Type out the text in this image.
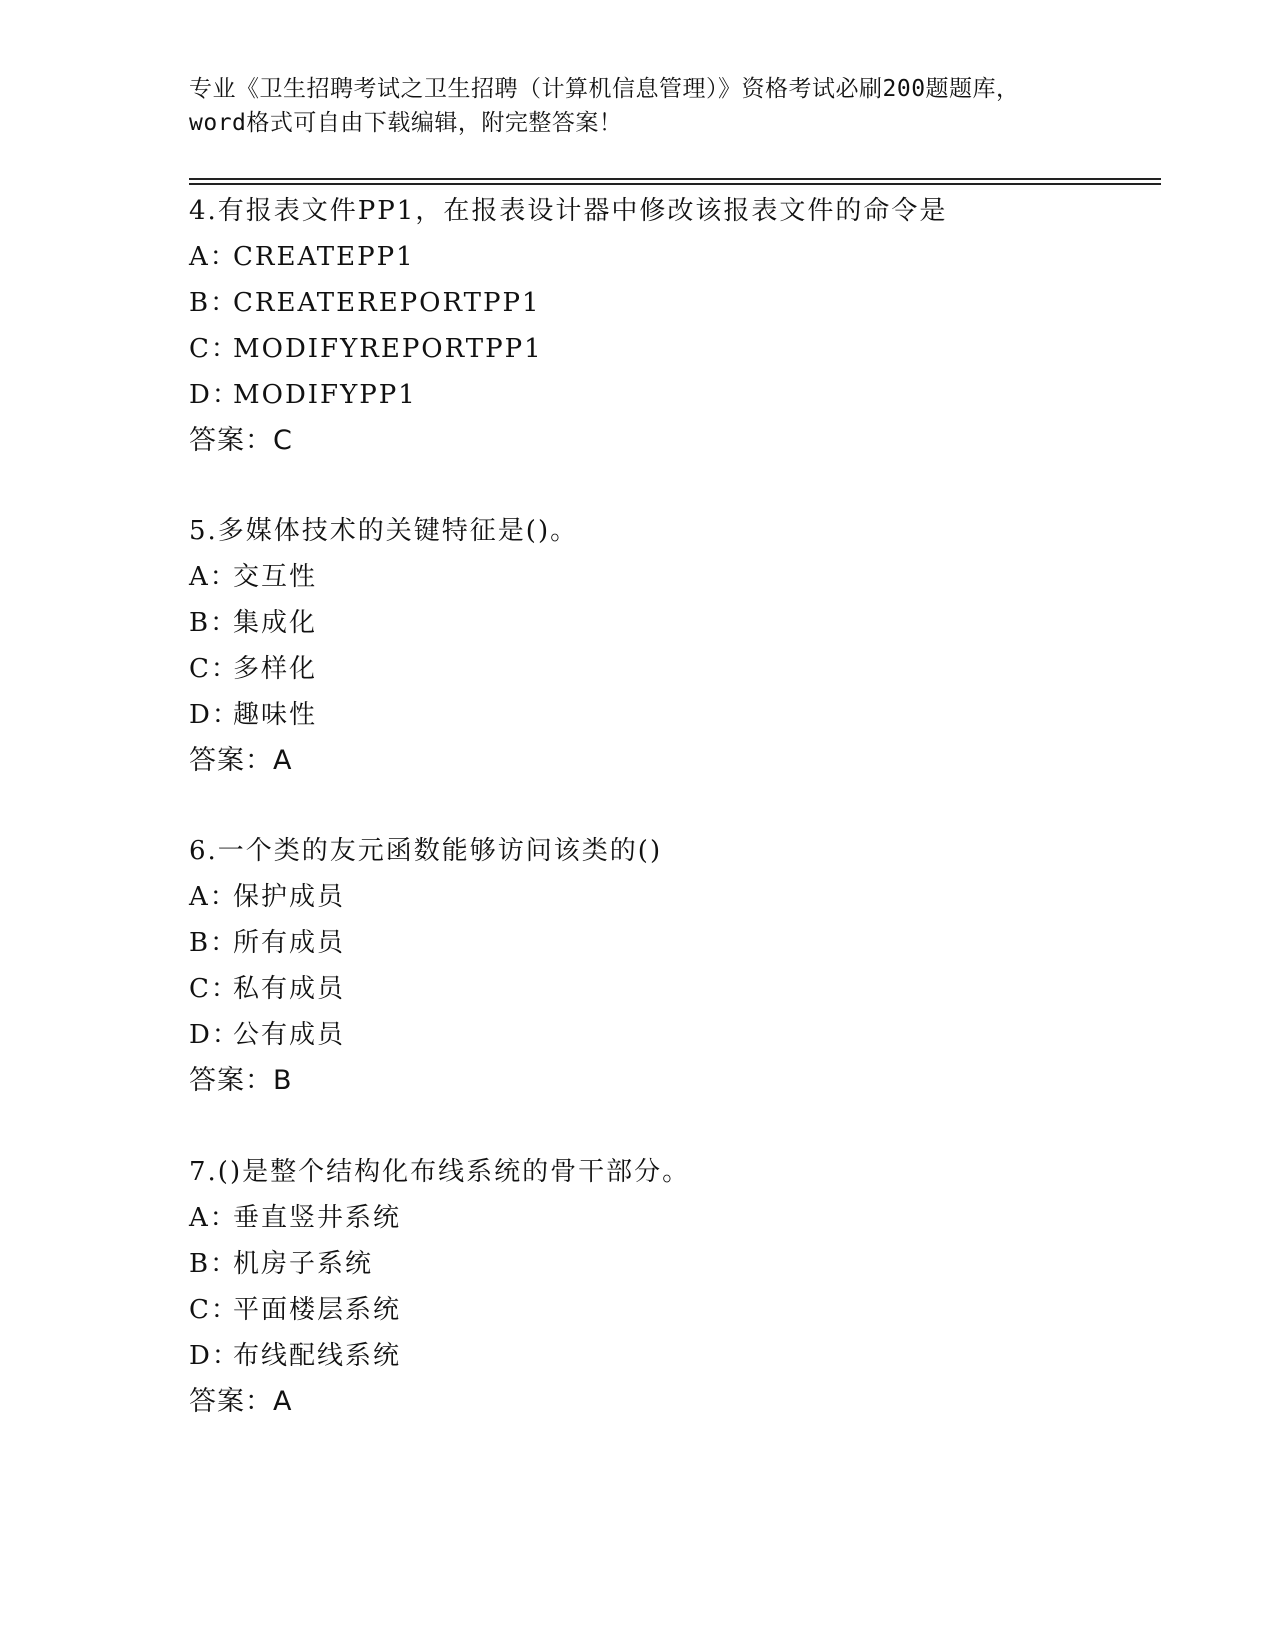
专业《卫生招聘考试之卫生招聘（计算机信息管理）》资格考试必刷200题题库，
word格式可自由下载编辑，附完整答案！
4.有报表文件PP1，在报表设计器中修改该报表文件的命令是
A：CREATEPP1
B：CREATEREPORTPP1
C：MODIFYREPORTPP1
D：MODIFYPP1
答案：C
5.多媒体技术的关键特征是()。
A：交互性
B：集成化
C：多样化
D：趣味性
答案：A
6.一个类的友元函数能够访问该类的()
A：保护成员
B：所有成员
C：私有成员
D：公有成员
答案：B
7.()是整个结构化布线系统的骨干部分。
A：垂直竖井系统
B：机房子系统
C：平面楼层系统
D：布线配线系统
答案：A
